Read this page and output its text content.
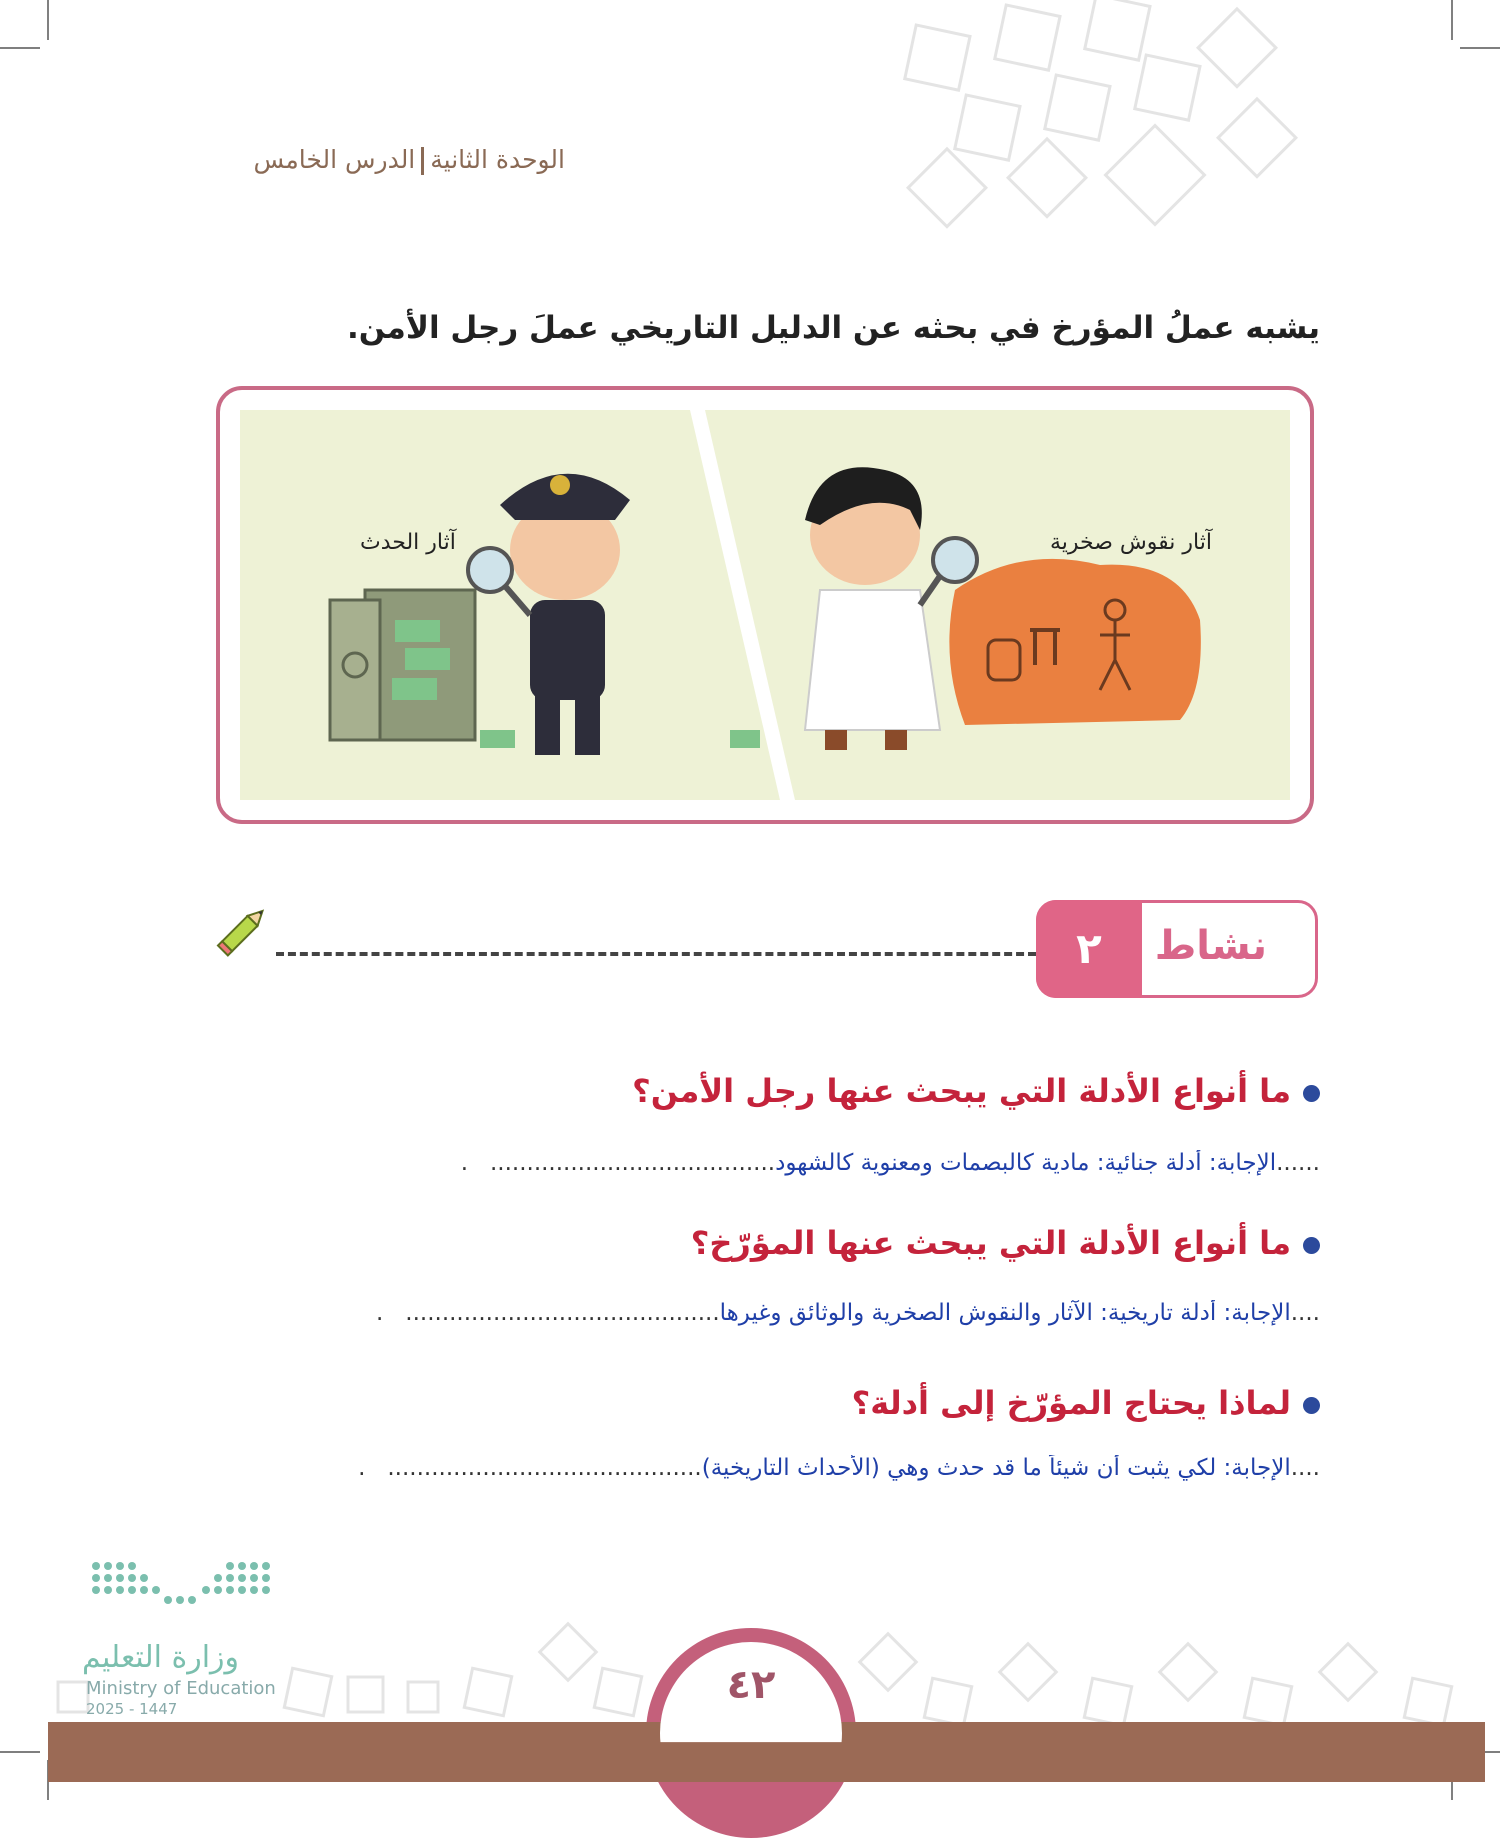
الوحدة الثانيةالدرس الخامس
يشبه عملُ المؤرخ في بحثه عن الدليل التاريخي عملَ رجل الأمن.
آثار الحدث	آثار نقوش صخرية
نشاط
٢
ما أنواع الأدلة التي يبحث عنها رجل الأمن؟
......الإجابة: أدلة جنائية: مادية كالبصمات ومعنوية كالشهود.......................................   .
ما أنواع الأدلة التي يبحث عنها المؤرّخ؟
....الإجابة: أدلة تاريخية: الآثار والنقوش الصخرية والوثائق وغيرها...........................................   .
لماذا يحتاج المؤرّخ إلى أدلة؟
....الإجابة: لكي يثبت أن شيئاً ما قد حدث وهي (الأحداث التاريخية)...........................................   .
٤٢
وزارة التعليم
Ministry of Education
2025 - 1447
